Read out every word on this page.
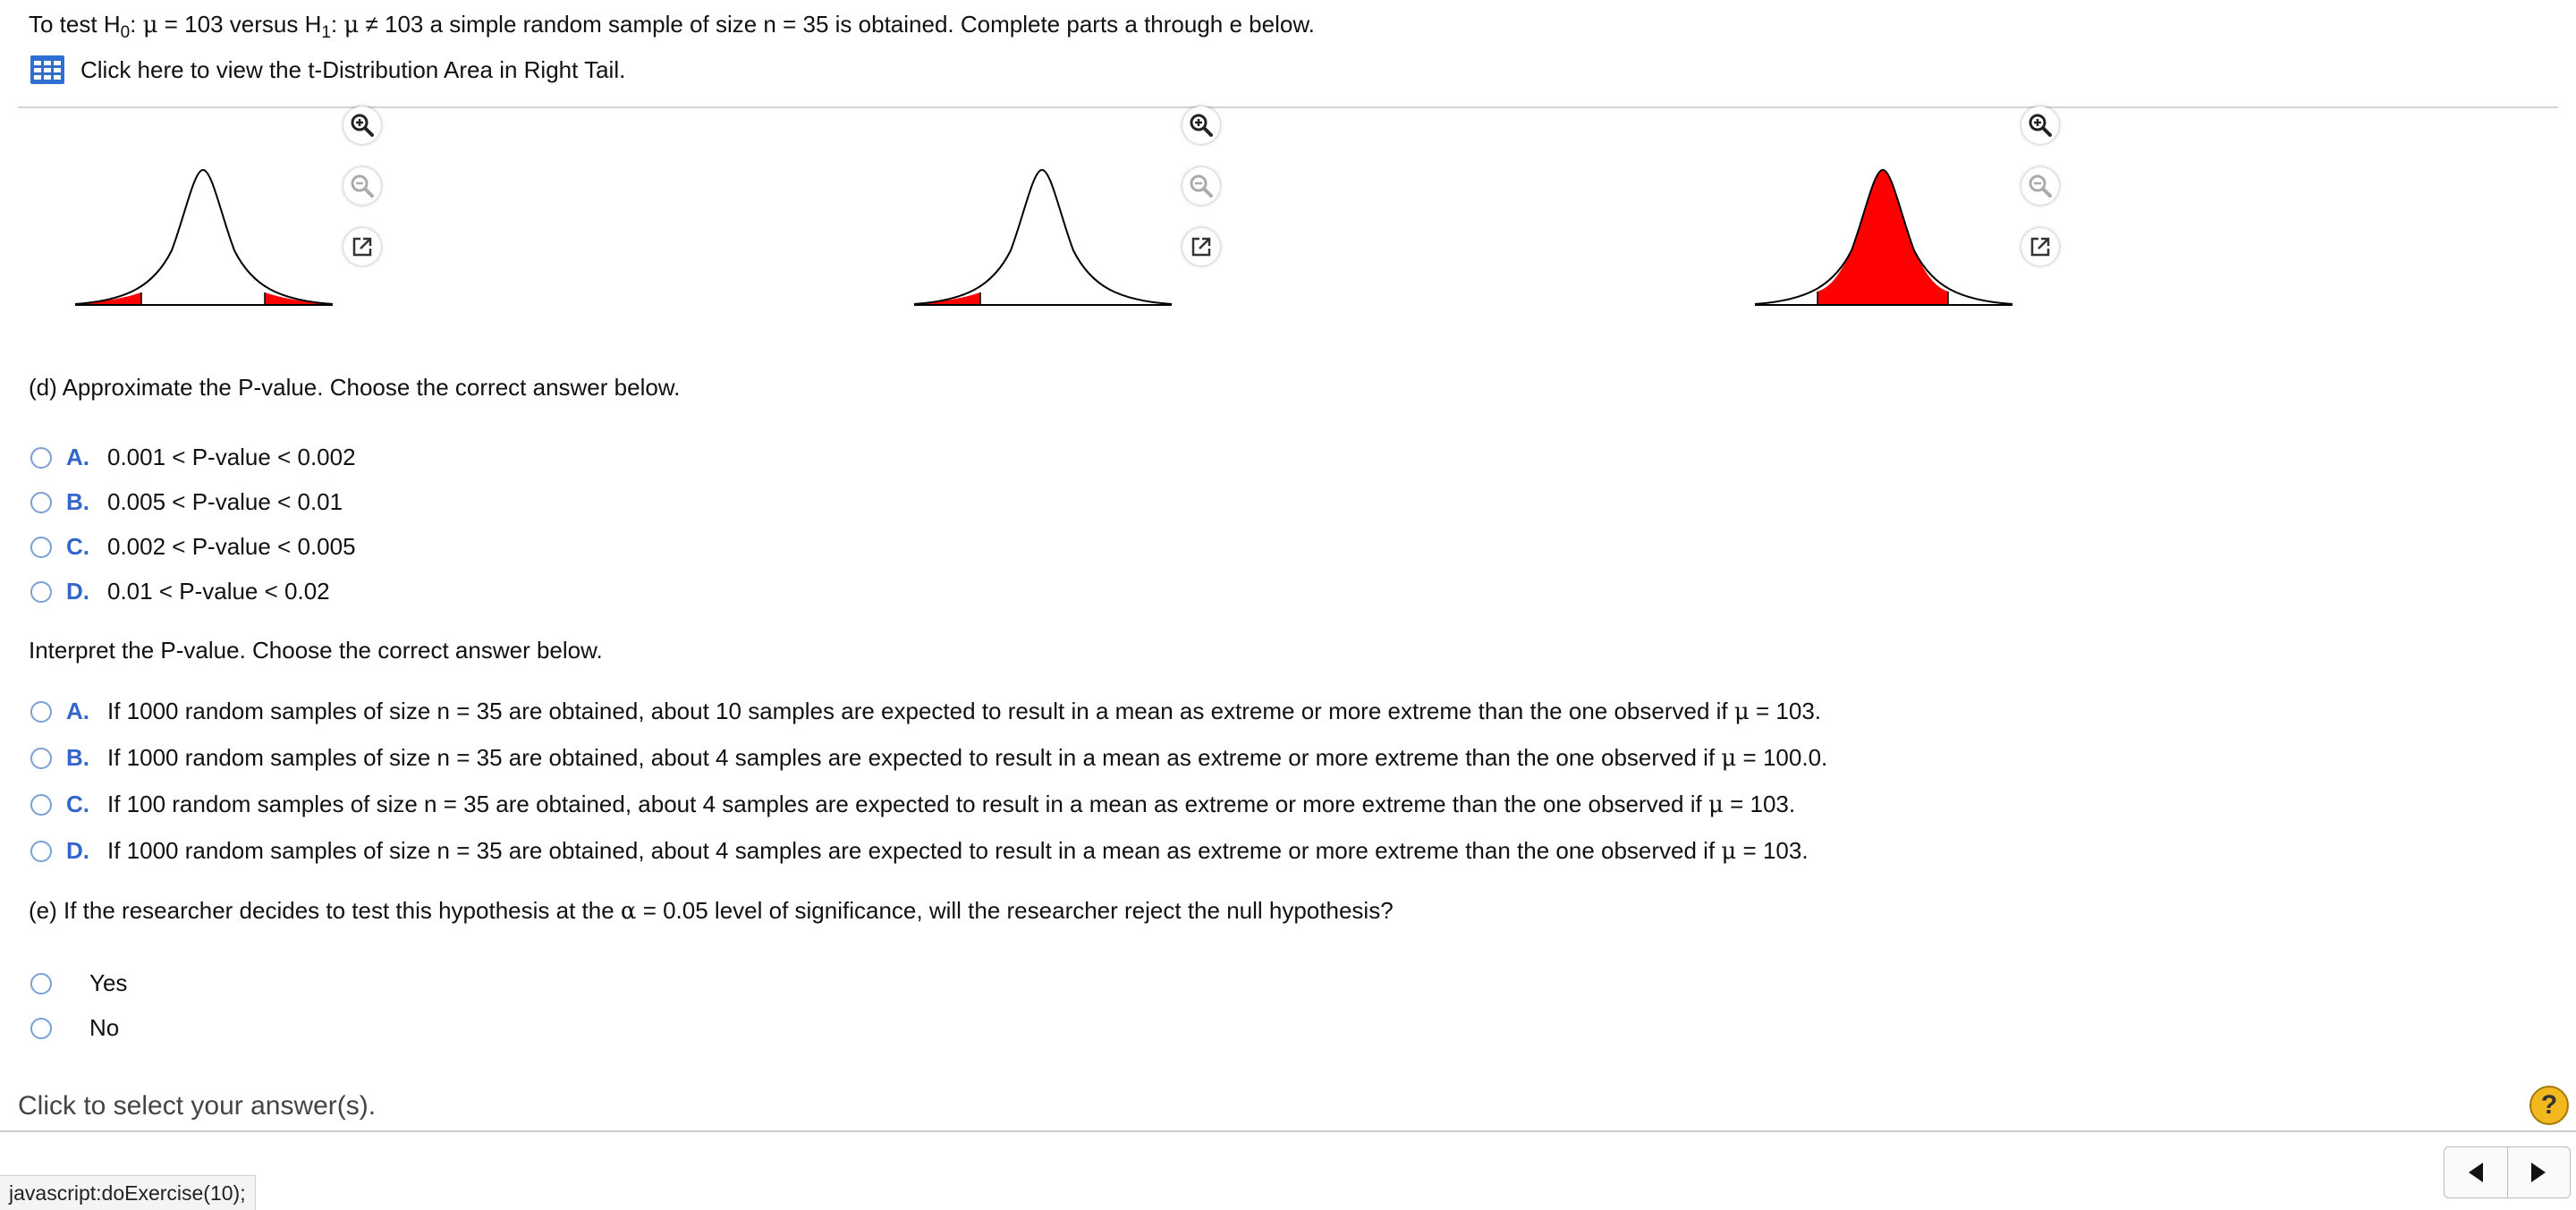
To test $H_0$: μ = 103 versus $H_1$: μ ≠ 103 a simple random sample of size n = 35 is obtained. Complete parts a through e below.
Click here to view the t-Distribution Area in Right Tail.
(d) Approximate the P-value. Choose the correct answer below.
A. 0.001 < P-value < 0.002
B. 0.005 < P-value < 0.01
C. 0.002 < P-value < 0.005
D. 0.01 < P-value < 0.02
Interpret the P-value. Choose the correct answer below.
A. If 1000 random samples of size n = 35 are obtained, about 10 samples are expected to result in a mean as extreme or more extreme than the one observed if μ = 103.
B. If 1000 random samples of size n = 35 are obtained, about 4 samples are expected to result in a mean as extreme or more extreme than the one observed if μ = 100.0.
C. If 100 random samples of size n = 35 are obtained, about 4 samples are expected to result in a mean as extreme or more extreme than the one observed if μ = 103.
D. If 1000 random samples of size n = 35 are obtained, about 4 samples are expected to result in a mean as extreme or more extreme than the one observed if μ = 103.
(e) If the researcher decides to test this hypothesis at the α = 0.05 level of significance, will the researcher reject the null hypothesis?
Yes
No
Click to select your answer(s).	?
javascript:doExercise(10);
